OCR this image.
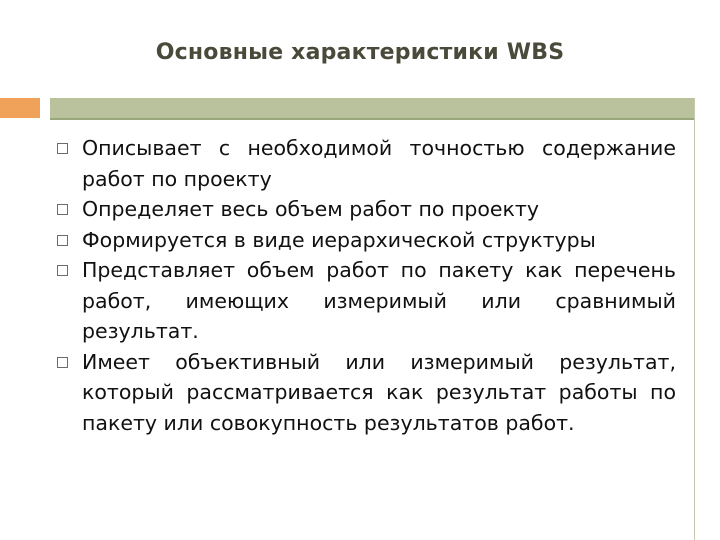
Основные характеристики WBS
Описывает с необходимой точностью содержание работ по проекту
Определяет весь объем работ по проекту
Формируется в виде иерархической структуры
Представляет объем работ по пакету как перечень работ, имеющих измеримый или сравнимый результат.
Имеет объективный или измеримый результат, который рассматривается как результат работы по пакету или совокупность результатов работ.
